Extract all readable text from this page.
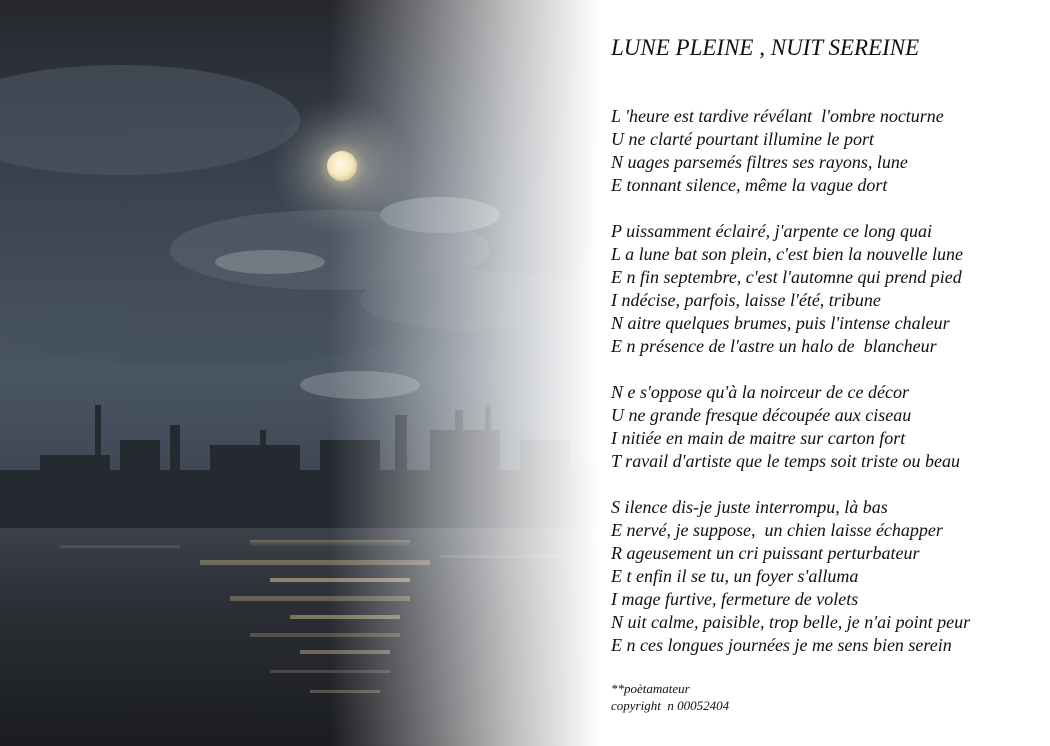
LUNE PLEINE , NUIT SEREINE
L 'heure est tardive révélant  l'ombre nocturne
U ne clarté pourtant illumine le port
N uages parsemés filtres ses rayons, lune
E tonnant silence, même la vague dort
P uissamment éclairé, j'arpente ce long quai
L a lune bat son plein, c'est bien la nouvelle lune
E n fin septembre, c'est l'automne qui prend pied
I ndécise, parfois, laisse l'été, tribune
N aitre quelques brumes, puis l'intense chaleur
E n présence de l'astre un halo de  blancheur
N e s'oppose qu'à la noirceur de ce décor
U ne grande fresque découpée aux ciseau
I nitiée en main de maitre sur carton fort
T ravail d'artiste que le temps soit triste ou beau
S ilence dis-je juste interrompu, là bas
E nervé, je suppose,  un chien laisse échapper
R ageusement un cri puissant perturbateur
E t enfin il se tu, un foyer s'alluma
I mage furtive, fermeture de volets
N uit calme, paisible, trop belle, je n'ai point peur
E n ces longues journées je me sens bien serein
**poètamateur
copyright  n 00052404
